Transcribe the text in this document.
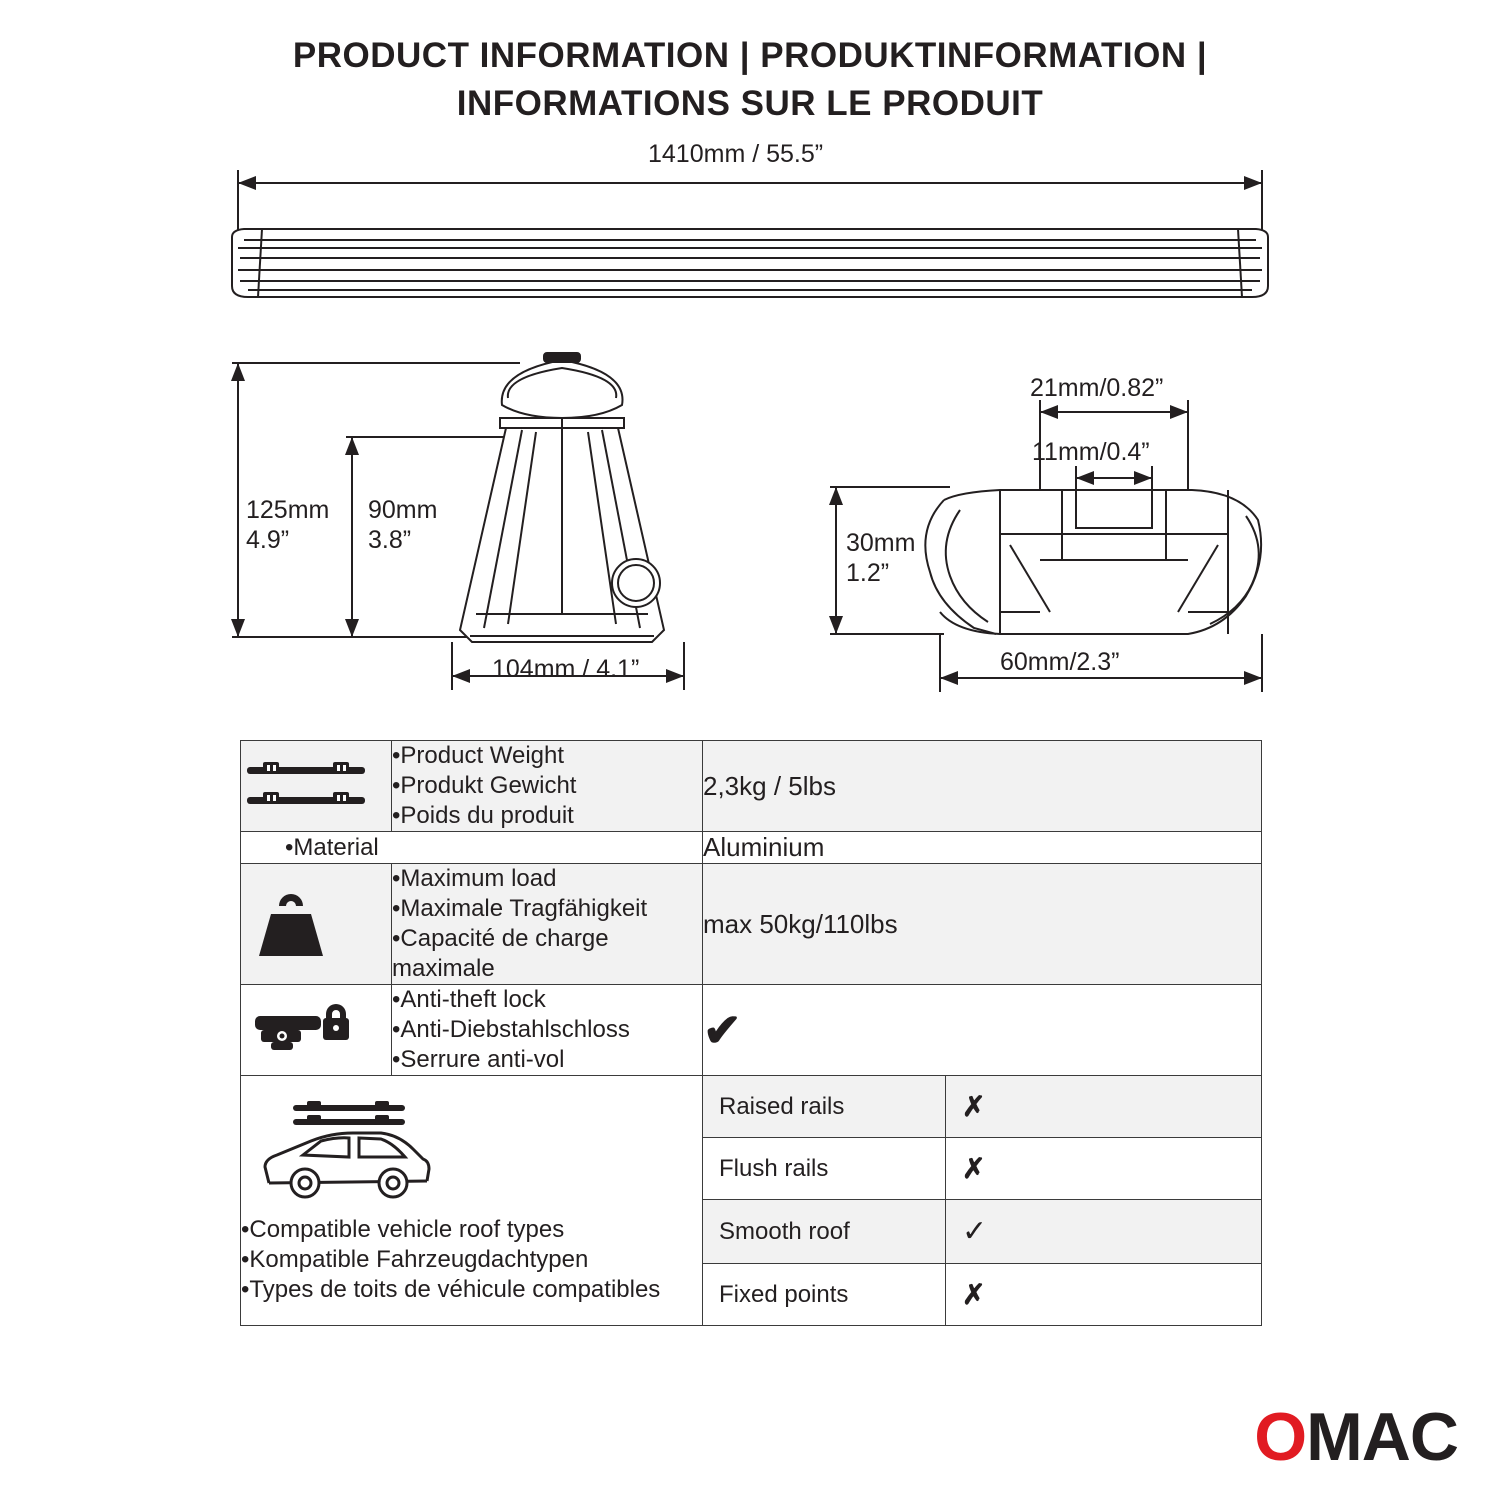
PRODUCT INFORMATION | PRODUKTINFORMATION |
INFORMATIONS SUR LE PRODUIT
1410mm / 55.5”
125mm
4.9”
90mm
3.8”
104mm / 4.1”
21mm/0.82”
11mm/0.4”
30mm
1.2”
60mm/2.3”

•Product Weight
•Produkt Gewicht
•Poids du produit
	2,3kg / 5lbs
•Material	Aluminium

•Maximum load
•Maximale Tragfähigkeit
•Capacité de charge maximale
	max 50kg/110lbs

•Anti-theft lock
•Anti-Diebstahlschloss
•Serrure anti-vol
	✔

•Compatible vehicle roof types
•Kompatible Fahrzeugdachtypen
•Types de toits de véhicule compatibles

Raised rails	✗
Flush rails	✗
Smooth roof	✓
Fixed points	✗
OMAC
